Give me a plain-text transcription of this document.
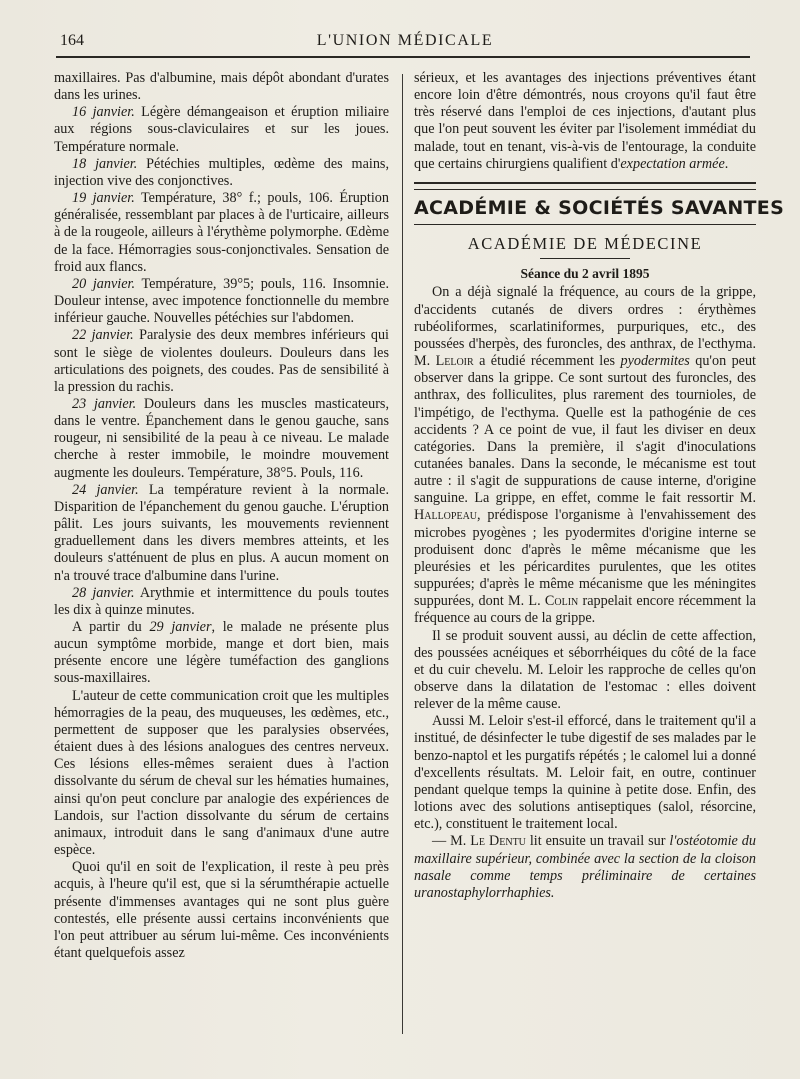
164	L'UNION MÉDICALE

maxillaires. Pas d'albumine, mais dépôt abondant d'urates dans les urines.

16 janvier. Légère démangeaison et éruption miliaire aux régions sous-claviculaires et sur les joues. Température normale.

18 janvier. Pétéchies multiples, œdème des mains, injection vive des conjonctives.

19 janvier. Température, 38° f.; pouls, 106. Éruption généralisée, ressemblant par places à de l'urticaire, ailleurs à de la rougeole, ailleurs à l'érythème polymorphe. Œdème de la face. Hémorragies sous-conjonctivales. Sensation de froid aux flancs.

20 janvier. Température, 39°5; pouls, 116. Insomnie. Douleur intense, avec impotence fonctionnelle du membre inférieur gauche. Nouvelles pétéchies sur l'abdomen.

22 janvier. Paralysie des deux membres inférieurs qui sont le siège de violentes douleurs. Douleurs dans les articulations des poignets, des coudes. Pas de sensibilité à la pression du rachis.

23 janvier. Douleurs dans les muscles masticateurs, dans le ventre. Épanchement dans le genou gauche, sans rougeur, ni sensibilité de la peau à ce niveau. Le malade cherche à rester immobile, le moindre mouvement augmente les douleurs. Température, 38°5. Pouls, 116.

24 janvier. La température revient à la normale. Disparition de l'épanchement du genou gauche. L'éruption pâlit. Les jours suivants, les mouvements reviennent graduellement dans les divers membres atteints, et les douleurs s'atténuent de plus en plus. A aucun moment on n'a trouvé trace d'albumine dans l'urine.

28 janvier. Arythmie et intermittence du pouls toutes les dix à quinze minutes.

A partir du 29 janvier, le malade ne présente plus aucun symptôme morbide, mange et dort bien, mais présente encore une légère tuméfaction des ganglions sous-maxillaires.

L'auteur de cette communication croit que les multiples hémorragies de la peau, des muqueuses, les œdèmes, etc., permettent de supposer que les paralysies observées, étaient dues à des lésions analogues des centres nerveux. Ces lésions elles-mêmes seraient dues à l'action dissolvante du sérum de cheval sur les hématies humaines, ainsi qu'on peut conclure par analogie des expériences de Landois, sur l'action dissolvante du sérum de certains animaux, introduit dans le sang d'animaux d'une autre espèce.

Quoi qu'il en soit de l'explication, il reste à peu près acquis, à l'heure qu'il est, que si la sérumthérapie actuelle présente d'immenses avantages qui ne sont plus guère contestés, elle présente aussi certains inconvénients que l'on peut attribuer au sérum lui-même. Ces inconvénients étant quelquefois assez

sérieux, et les avantages des injections préventives étant encore loin d'être démontrés, nous croyons qu'il faut être très réservé dans l'emploi de ces injections, d'autant plus que l'on peut souvent les éviter par l'isolement immédiat du malade, tout en tenant, vis-à-vis de l'entourage, la conduite que certains chirurgiens qualifient d'expectation armée.

ACADÉMIE & SOCIÉTÉS SAVANTES
ACADÉMIE DE MÉDECINE
Séance du 2 avril 1895

On a déjà signalé la fréquence, au cours de la grippe, d'accidents cutanés de divers ordres : érythèmes rubéoliformes, scarlatiniformes, purpuriques, etc., des poussées d'herpès, des furoncles, des anthrax, de l'ecthyma. M. Leloir a étudié récemment les pyodermites qu'on peut observer dans la grippe. Ce sont surtout des furoncles, des anthrax, des folliculites, plus rarement des tournioles, de l'impétigo, de l'ecthyma. Quelle est la pathogénie de ces accidents ? A ce point de vue, il faut les diviser en deux catégories. Dans la première, il s'agit d'inoculations cutanées banales. Dans la seconde, le mécanisme est tout autre : il s'agit de suppurations de cause interne, d'origine sanguine. La grippe, en effet, comme le fait ressortir M. Hallopeau, prédispose l'organisme à l'envahissement des microbes pyogènes ; les pyodermites d'origine interne se produisent donc d'après le même mécanisme que les pleurésies et les péricardites purulentes, que les otites suppurées; d'après le même mécanisme que les méningites suppurées, dont M. L. Colin rappelait encore récemment la fréquence au cours de la grippe.

Il se produit souvent aussi, au déclin de cette affection, des poussées acnéiques et séborrhéiques du côté de la face et du cuir chevelu. M. Leloir les rapproche de celles qu'on observe dans la dilatation de l'estomac : elles doivent relever de la même cause.

Aussi M. Leloir s'est-il efforcé, dans le traitement qu'il a institué, de désinfecter le tube digestif de ses malades par le benzo-naptol et les purgatifs répétés ; le calomel lui a donné d'excellents résultats. M. Leloir fait, en outre, continuer pendant quelque temps la quinine à petite dose. Enfin, des lotions avec des solutions antiseptiques (salol, résorcine, etc.), constituent le traitement local.

— M. Le Dentu lit ensuite un travail sur l'ostéotomie du maxillaire supérieur, combinée avec la section de la cloison nasale comme temps préliminaire de certaines uranostaphylorrhaphies.
